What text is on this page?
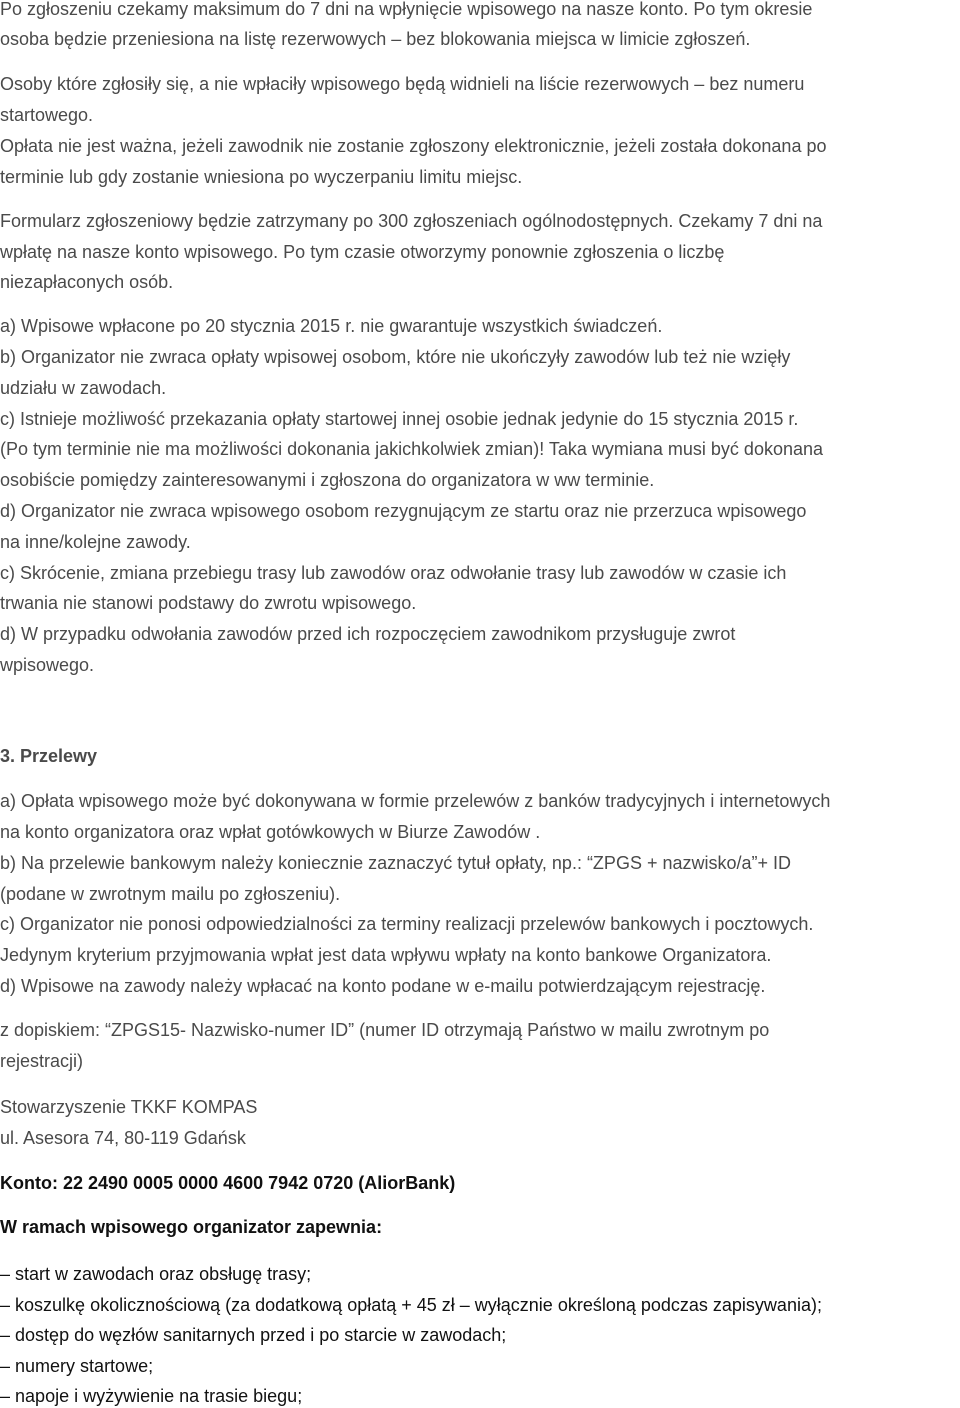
Po zgłoszeniu czekamy maksimum do 7 dni na wpłynięcie wpisowego na nasze konto. Po tym okresie

osoba będzie przeniesiona na listę rezerwowych – bez blokowania miejsca w limicie zgłoszeń.

Osoby które zgłosiły się, a nie wpłaciły wpisowego będą widnieli na liście rezerwowych – bez numeru

startowego.

Opłata nie jest ważna, jeżeli zawodnik nie zostanie zgłoszony elektronicznie, jeżeli została dokonana po

terminie lub gdy zostanie wniesiona po wyczerpaniu limitu miejsc.

Formularz zgłoszeniowy będzie zatrzymany po 300 zgłoszeniach ogólnodostępnych. Czekamy 7 dni na

wpłatę na nasze konto wpisowego. Po tym czasie otworzymy ponownie zgłoszenia o liczbę

niezapłaconych osób.

a) Wpisowe wpłacone po 20 stycznia 2015 r. nie gwarantuje wszystkich świadczeń.

b) Organizator nie zwraca opłaty wpisowej osobom, które nie ukończyły zawodów lub też nie wzięły

udziału w zawodach.

c) Istnieje możliwość przekazania opłaty startowej innej osobie jednak jedynie do 15 stycznia 2015 r.

(Po tym terminie nie ma możliwości dokonania jakichkolwiek zmian)! Taka wymiana musi być dokonana

osobiście pomiędzy zainteresowanymi i zgłoszona do organizatora w ww terminie.

d) Organizator nie zwraca wpisowego osobom rezygnującym ze startu oraz nie przerzuca wpisowego

na inne/kolejne zawody.

c) Skrócenie, zmiana przebiegu trasy lub zawodów oraz odwołanie trasy lub zawodów w czasie ich

trwania nie stanowi podstawy do zwrotu wpisowego.

d) W przypadku odwołania zawodów przed ich rozpoczęciem zawodnikom przysługuje zwrot

wpisowego.

3. Przelewy

a) Opłata wpisowego może być dokonywana w formie przelewów z banków tradycyjnych i internetowych

na konto organizatora oraz wpłat gotówkowych w Biurze Zawodów .

b) Na przelewie bankowym należy koniecznie zaznaczyć tytuł opłaty, np.: “ZPGS + nazwisko/a”+ ID

(podane w zwrotnym mailu po zgłoszeniu).

c) Organizator nie ponosi odpowiedzialności za terminy realizacji przelewów bankowych i pocztowych.

Jedynym kryterium przyjmowania wpłat jest data wpływu wpłaty na konto bankowe Organizatora.

d) Wpisowe na zawody należy wpłacać na konto podane w e-mailu potwierdzającym rejestrację.

z dopiskiem: “ZPGS15- Nazwisko-numer ID” (numer ID otrzymają Państwo w mailu zwrotnym po

rejestracji)

Stowarzyszenie TKKF KOMPAS

ul. Asesora 74, 80-119 Gdańsk

Konto: 22 2490 0005 0000 4600 7942 0720 (AliorBank)

W ramach wpisowego organizator zapewnia:

– start w zawodach oraz obsługę trasy;

– koszulkę okolicznościową (za dodatkową opłatą + 45 zł – wyłącznie określoną podczas zapisywania);

– dostęp do węzłów sanitarnych przed i po starcie w zawodach;

– numery startowe;

– napoje i wyżywienie na trasie biegu;
